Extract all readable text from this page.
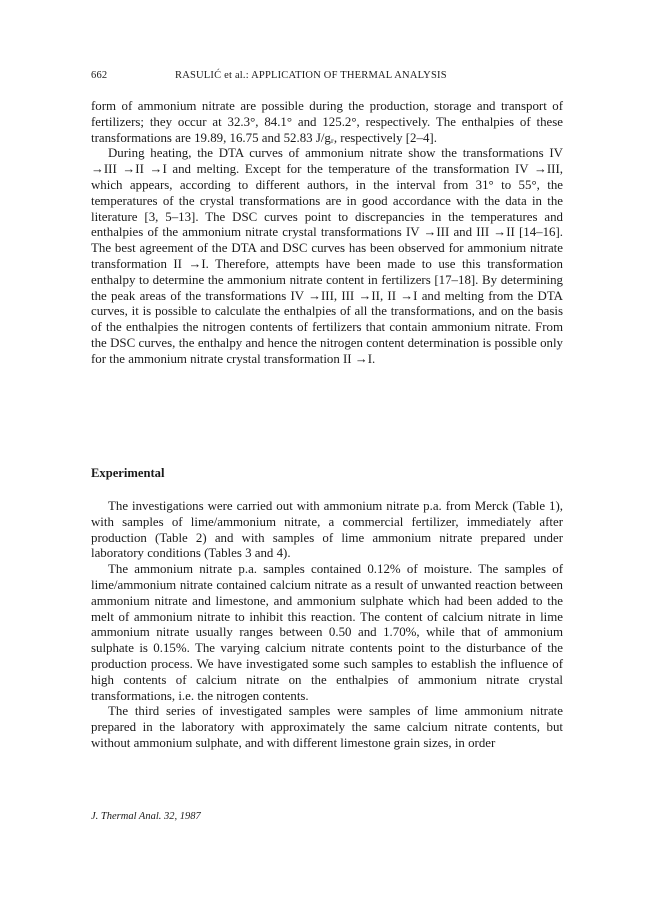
662	RASULIĆ et al.: APPLICATION OF THERMAL ANALYSIS

form of ammonium nitrate are possible during the production, storage and transport of fertilizers; they occur at 32.3°, 84.1° and 125.2°, respectively. The enthalpies of these transformations are 19.89, 16.75 and 52.83 J/gᵣ, respectively [2–4].

During heating, the DTA curves of ammonium nitrate show the transformations IV →III →II →I and melting. Except for the temperature of the transformation IV →III, which appears, according to different authors, in the interval from 31° to 55°, the temperatures of the crystal transformations are in good accordance with the data in the literature [3, 5–13]. The DSC curves point to discrepancies in the temperatures and enthalpies of the ammonium nitrate crystal transformations IV →III and III →II [14–16]. The best agreement of the DTA and DSC curves has been observed for ammonium nitrate transformation II →I. Therefore, attempts have been made to use this transformation enthalpy to determine the ammonium nitrate content in fertilizers [17–18]. By determining the peak areas of the transformations IV →III, III →II, II →I and melting from the DTA curves, it is possible to calculate the enthalpies of all the transformations, and on the basis of the enthalpies the nitrogen contents of fertilizers that contain ammonium nitrate. From the DSC curves, the enthalpy and hence the nitrogen content determination is possible only for the ammonium nitrate crystal transformation II →I.

Experimental

The investigations were carried out with ammonium nitrate p.a. from Merck (Table 1), with samples of lime/ammonium nitrate, a commercial fertilizer, immediately after production (Table 2) and with samples of lime ammonium nitrate prepared under laboratory conditions (Tables 3 and 4).

The ammonium nitrate p.a. samples contained 0.12% of moisture. The samples of lime/ammonium nitrate contained calcium nitrate as a result of unwanted reaction between ammonium nitrate and limestone, and ammonium sulphate which had been added to the melt of ammonium nitrate to inhibit this reaction. The content of calcium nitrate in lime ammonium nitrate usually ranges between 0.50 and 1.70%, while that of ammonium sulphate is 0.15%. The varying calcium nitrate contents point to the disturbance of the production process. We have investigated some such samples to establish the influence of high contents of calcium nitrate on the enthalpies of ammonium nitrate crystal transformations, i.e. the nitrogen contents.

The third series of investigated samples were samples of lime ammonium nitrate prepared in the laboratory with approximately the same calcium nitrate contents, but without ammonium sulphate, and with different limestone grain sizes, in order

J. Thermal Anal. 32, 1987
